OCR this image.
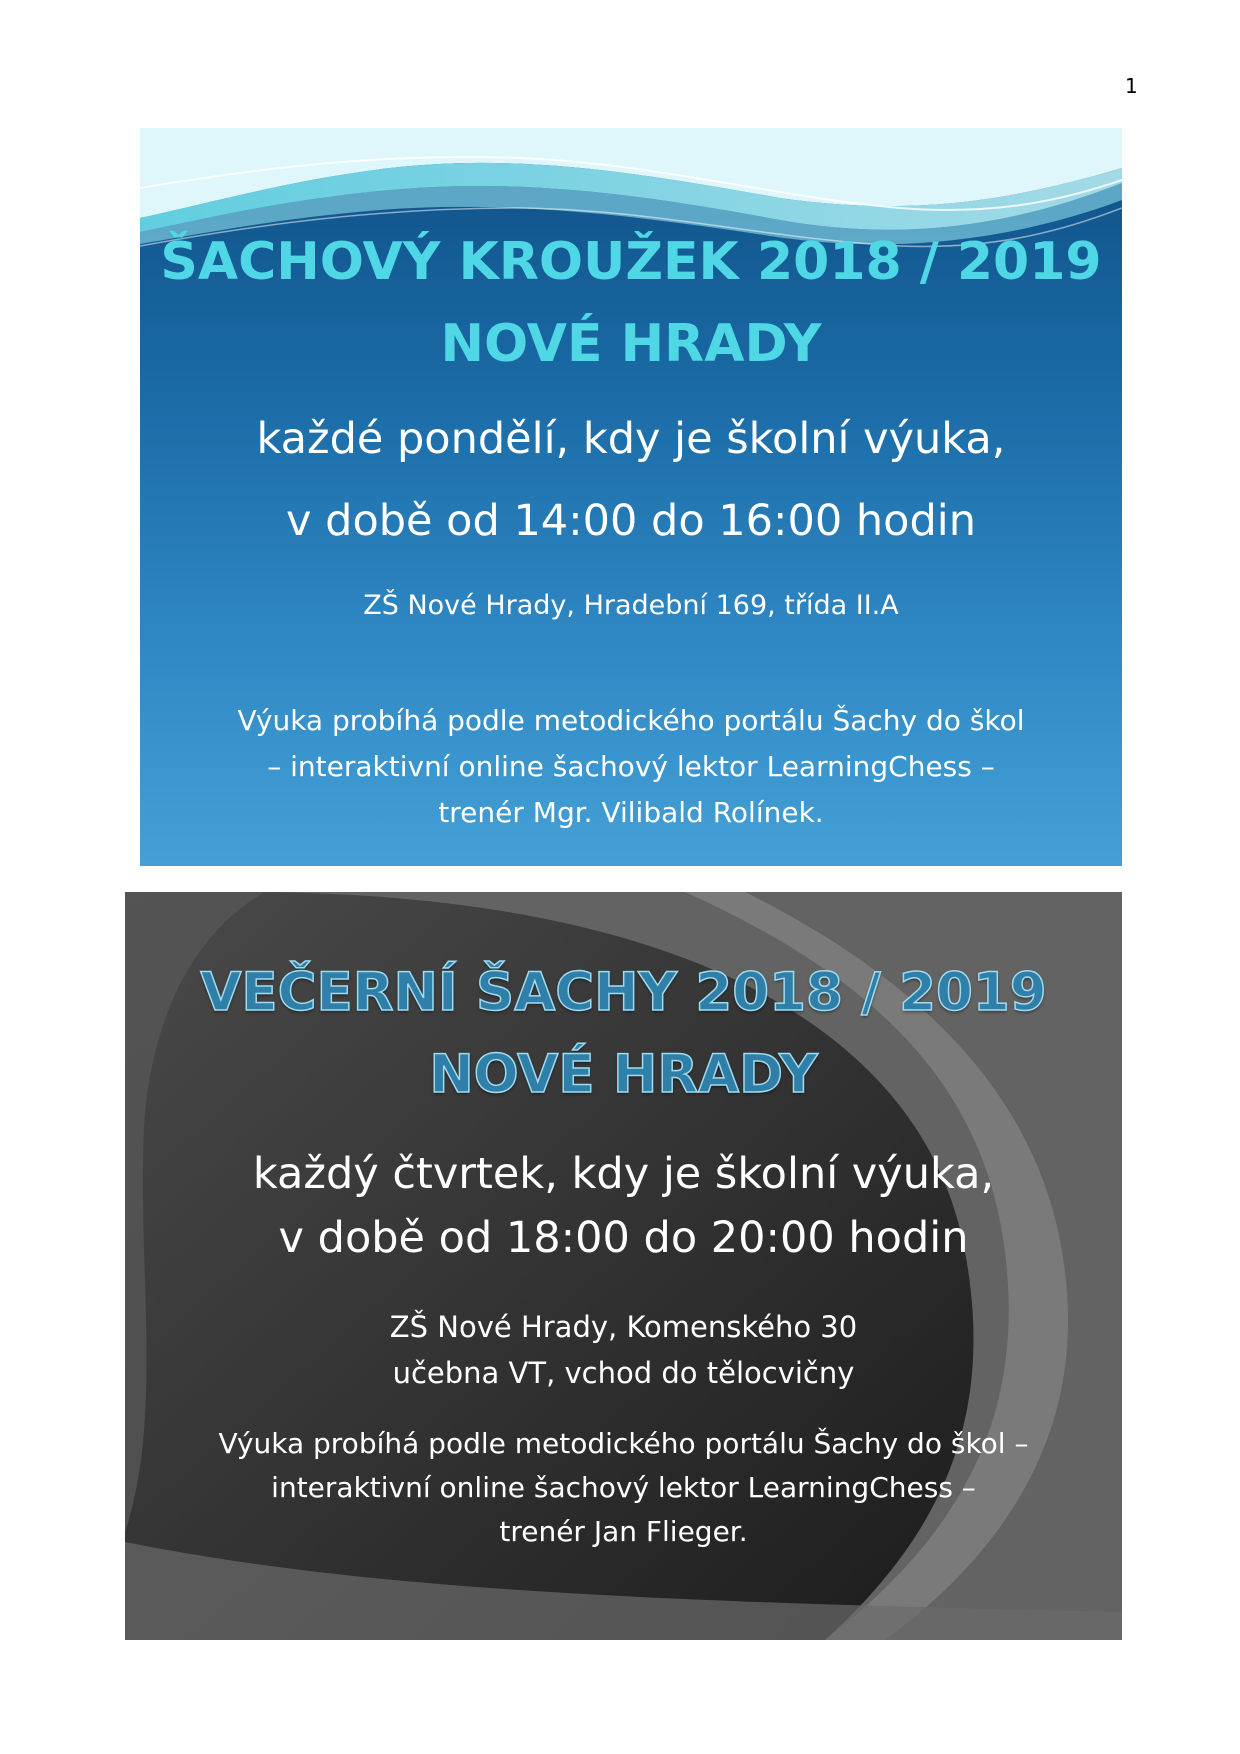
1
ŠACHOVÝ KROUŽEK 2018 / 2019
NOVÉ HRADY
každé pondělí, kdy je školní výuka,
v době od 14:00 do 16:00 hodin
ZŠ Nové Hrady, Hradební 169, třída II.A
Výuka probíhá podle metodického portálu Šachy do škol
– interaktivní online šachový lektor LearningChess –
trenér Mgr. Vilibald Rolínek.
VEČERNÍ ŠACHY 2018 / 2019
NOVÉ HRADY
každý čtvrtek, kdy je školní výuka,
v době od 18:00 do 20:00 hodin
ZŠ Nové Hrady, Komenského 30
učebna VT, vchod do tělocvičny
Výuka probíhá podle metodického portálu Šachy do škol –
interaktivní online šachový lektor LearningChess –
trenér Jan Flieger.
